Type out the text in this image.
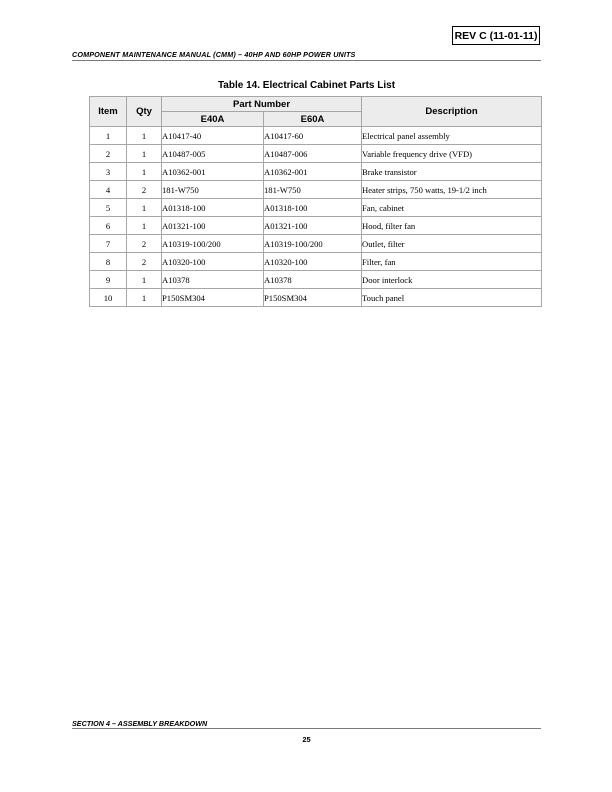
REV C (11-01-11)
COMPONENT MAINTENANCE MANUAL (CMM) – 40HP AND 60HP POWER UNITS
Table 14. Electrical Cabinet Parts List
Item	Qty	Part Number		Description
		E40A	E60A	
1	1	A10417-40	A10417-60	Electrical panel assembly
2	1	A10487-005	A10487-006	Variable frequency drive (VFD)
3	1	A10362-001	A10362-001	Brake transistor
4	2	181-W750	181-W750	Heater strips, 750 watts, 19-1/2 inch
5	1	A01318-100	A01318-100	Fan, cabinet
6	1	A01321-100	A01321-100	Hood, filter fan
7	2	A10319-100/200	A10319-100/200	Outlet, filter
8	2	A10320-100	A10320-100	Filter, fan
9	1	A10378	A10378	Door interlock
10	1	P150SM304	P150SM304	Touch panel
SECTION 4 – ASSEMBLY BREAKDOWN
25
